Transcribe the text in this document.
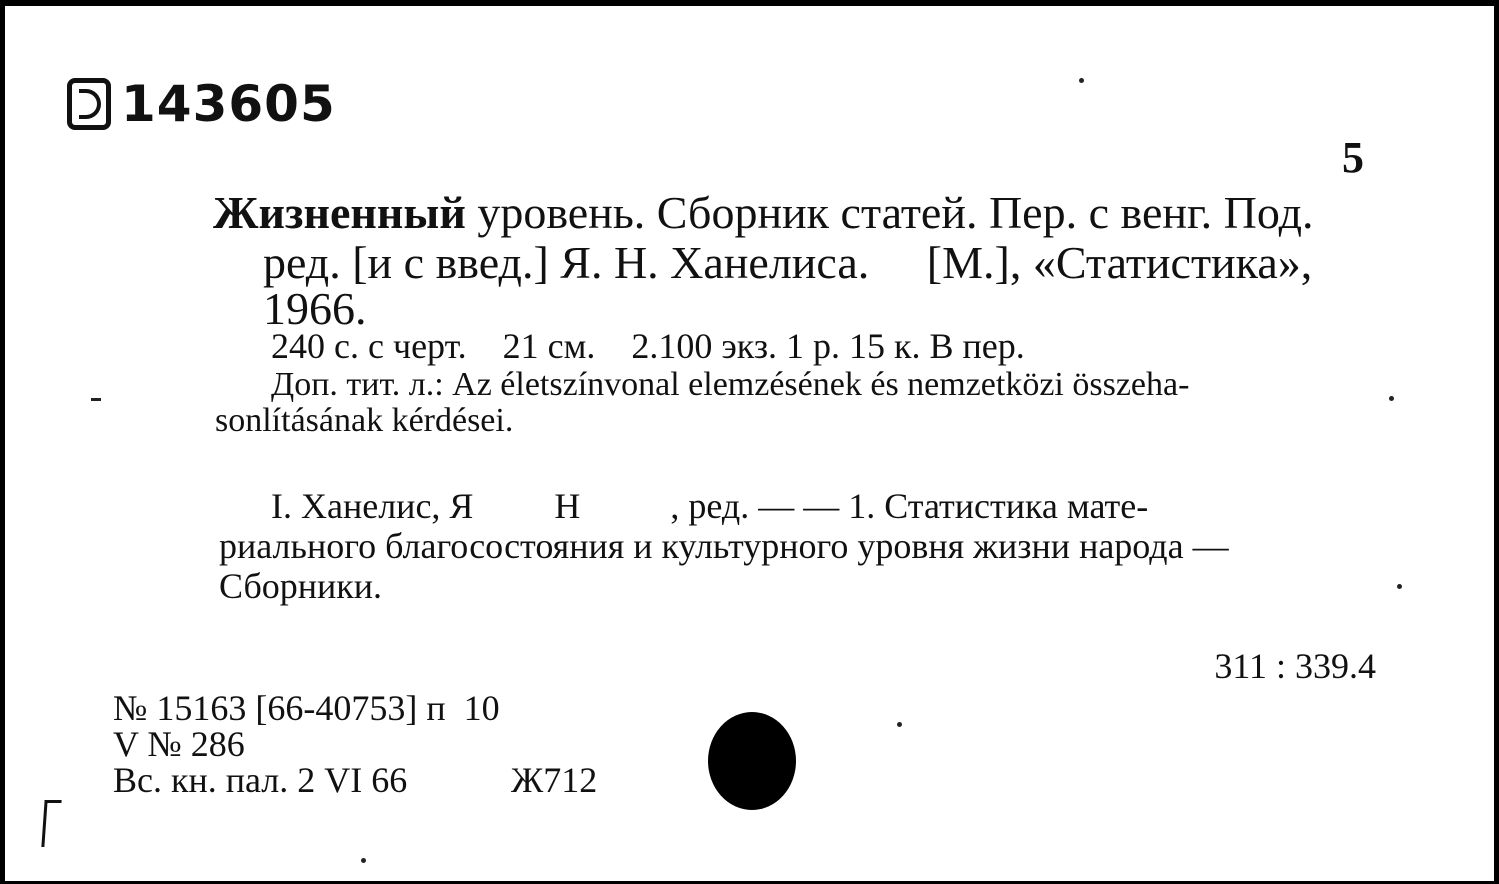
143605
5
Жизненный уровень. Сборник статей. Пер. с венг. Под.
ред. [и с введ.] Я. Н. Ханелиса.     [М.], «Статистика»,
1966.
240 с. с черт.    21 см.    2.100 экз. 1 р. 15 к. В пер.
Доп. тит. л.: Az életszínvonal elemzésének és nemzetközi összeha-
sonlításának kérdései.
I. Ханелис, Я         Н          , ред. — — 1. Статистика мате-
риального благосостояния и культурного уровня жизни народа —
Сборники.
311 : 339.4
№ 15163 [66-40753] п  10
V № 286
Вс. кн. пал. 2 VI 66	Ж712
